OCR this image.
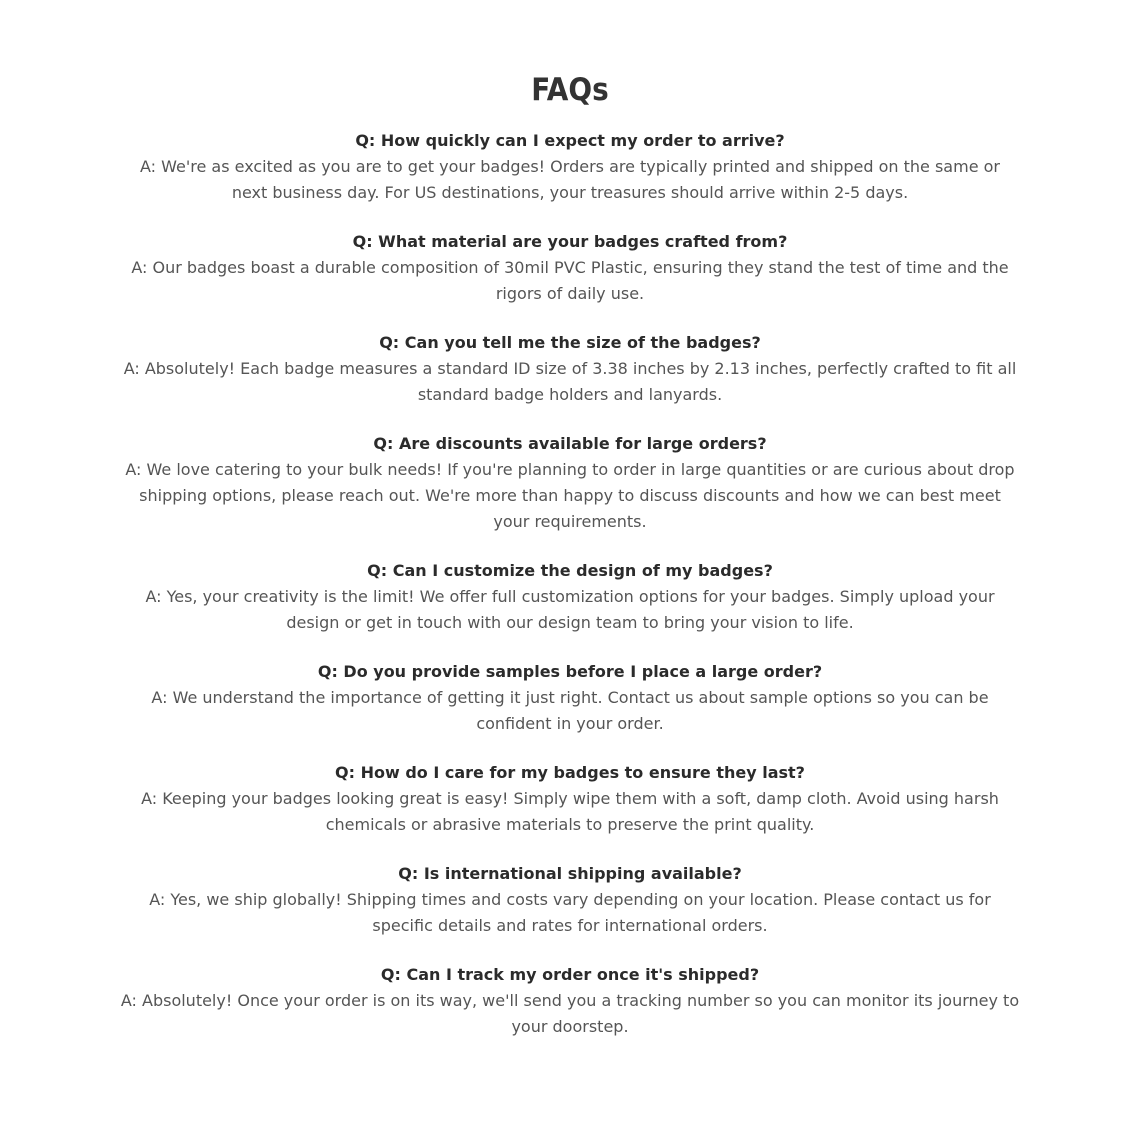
FAQs

Q: How quickly can I expect my order to arrive?

A: We're as excited as you are to get your badges! Orders are typically printed and shipped on the same or next business day. For US destinations, your treasures should arrive within 2-5 days.

Q: What material are your badges crafted from?

A: Our badges boast a durable composition of 30mil PVC Plastic, ensuring they stand the test of time and the rigors of daily use.

Q: Can you tell me the size of the badges?

A: Absolutely! Each badge measures a standard ID size of 3.38 inches by 2.13 inches, perfectly crafted to fit all standard badge holders and lanyards.

Q: Are discounts available for large orders?

A: We love catering to your bulk needs! If you're planning to order in large quantities or are curious about drop shipping options, please reach out. We're more than happy to discuss discounts and how we can best meet your requirements.

Q: Can I customize the design of my badges?

A: Yes, your creativity is the limit! We offer full customization options for your badges. Simply upload your design or get in touch with our design team to bring your vision to life.

Q: Do you provide samples before I place a large order?

A: We understand the importance of getting it just right. Contact us about sample options so you can be confident in your order.

Q: How do I care for my badges to ensure they last?

A: Keeping your badges looking great is easy! Simply wipe them with a soft, damp cloth. Avoid using harsh chemicals or abrasive materials to preserve the print quality.

Q: Is international shipping available?

A: Yes, we ship globally! Shipping times and costs vary depending on your location. Please contact us for specific details and rates for international orders.

Q: Can I track my order once it's shipped?

A: Absolutely! Once your order is on its way, we'll send you a tracking number so you can monitor its journey to your doorstep.
